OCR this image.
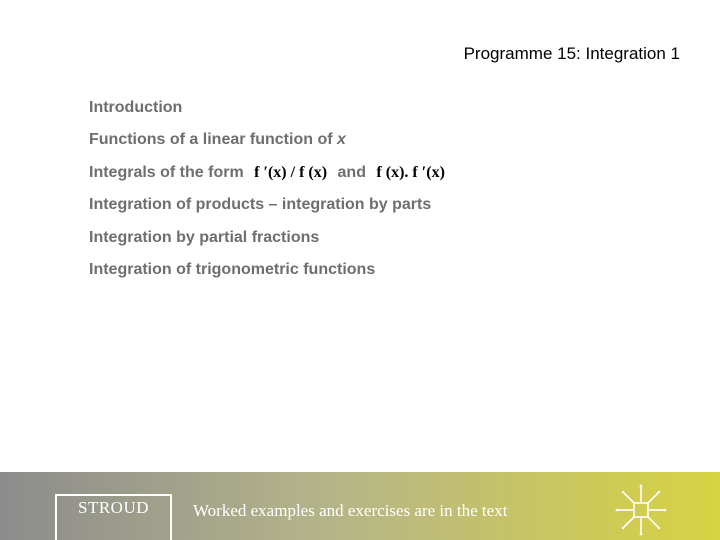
Programme 15: Integration 1
Introduction
Functions of a linear function of x
Integrals of the form f ′(x) / f (x) and f (x). f ′(x)
Integration of products – integration by parts
Integration by partial fractions
Integration of trigonometric functions
STROUD	Worked examples and exercises are in the text
